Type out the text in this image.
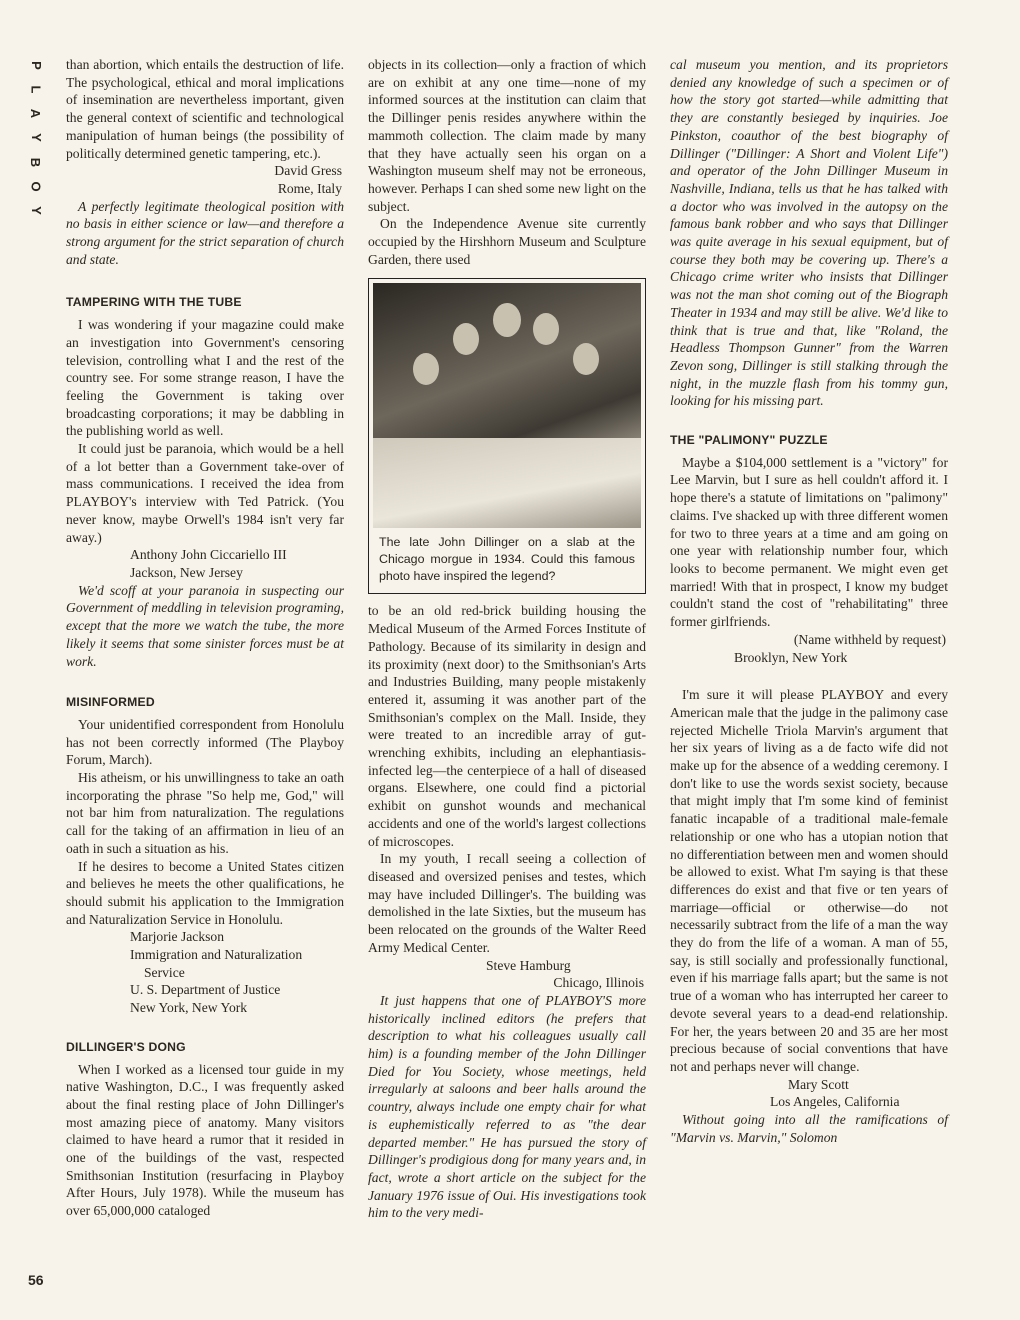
P
L
A
Y
B
O
Y
56

than abortion, which entails the destruction of life. The psychological, ethical and moral implications of insemination are nevertheless important, given the general context of scientific and technological manipulation of human beings (the possibility of politically determined genetic tampering, etc.).

David Gress

Rome, Italy

A perfectly legitimate theological position with no basis in either science or law—and therefore a strong argument for the strict separation of church and state.

TAMPERING WITH THE TUBE

I was wondering if your magazine could make an investigation into Government's censoring television, controlling what I and the rest of the country see. For some strange reason, I have the feeling the Government is taking over broadcasting corporations; it may be dabbling in the publishing world as well.

It could just be paranoia, which would be a hell of a lot better than a Government take-over of mass communications. I received the idea from PLAYBOY's interview with Ted Patrick. (You never know, maybe Orwell's 1984 isn't very far away.)

Anthony John Ciccariello III

Jackson, New Jersey

We'd scoff at your paranoia in suspecting our Government of meddling in television programing, except that the more we watch the tube, the more likely it seems that some sinister forces must be at work.

MISINFORMED

Your unidentified correspondent from Honolulu has not been correctly informed (The Playboy Forum, March).

His atheism, or his unwillingness to take an oath incorporating the phrase "So help me, God," will not bar him from naturalization. The regulations call for the taking of an affirmation in lieu of an oath in such a situation as his.

If he desires to become a United States citizen and believes he meets the other qualifications, he should submit his application to the Immigration and Naturalization Service in Honolulu.

Marjorie Jackson

Immigration and Naturalization

Service

U. S. Department of Justice

New York, New York

DILLINGER'S DONG

When I worked as a licensed tour guide in my native Washington, D.C., I was frequently asked about the final resting place of John Dillinger's most amazing piece of anatomy. Many visitors claimed to have heard a rumor that it resided in one of the buildings of the vast, respected Smithsonian Institution (resurfacing in Playboy After Hours, July 1978). While the museum has over 65,000,000 cataloged

objects in its collection—only a fraction of which are on exhibit at any one time—none of my informed sources at the institution can claim that the Dillinger penis resides anywhere within the mammoth collection. The claim made by many that they have actually seen his organ on a Washington museum shelf may not be erroneous, however. Perhaps I can shed some new light on the subject.

On the Independence Avenue site currently occupied by the Hirshhorn Museum and Sculpture Garden, there used

The late John Dillinger on a slab at the Chicago morgue in 1934. Could this famous photo have inspired the legend?

to be an old red-brick building housing the Medical Museum of the Armed Forces Institute of Pathology. Because of its similarity in design and its proximity (next door) to the Smithsonian's Arts and Industries Building, many people mistakenly entered it, assuming it was another part of the Smithsonian's complex on the Mall. Inside, they were treated to an incredible array of gut-wrenching exhibits, including an elephantiasis-infected leg—the centerpiece of a hall of diseased organs. Elsewhere, one could find a pictorial exhibit on gunshot wounds and mechanical accidents and one of the world's largest collections of microscopes.

In my youth, I recall seeing a collection of diseased and oversized penises and testes, which may have included Dillinger's. The building was demolished in the late Sixties, but the museum has been relocated on the grounds of the Walter Reed Army Medical Center.

Steve Hamburg

Chicago, Illinois

It just happens that one of PLAYBOY'S more historically inclined editors (he prefers that description to what his colleagues usually call him) is a founding member of the John Dillinger Died for You Society, whose meetings, held irregularly at saloons and beer halls around the country, always include one empty chair for what is euphemistically referred to as "the dear departed member." He has pursued the story of Dillinger's prodigious dong for many years and, in fact, wrote a short article on the subject for the January 1976 issue of Oui. His investigations took him to the very medi-

cal museum you mention, and its proprietors denied any knowledge of such a specimen or of how the story got started—while admitting that they are constantly besieged by inquiries. Joe Pinkston, coauthor of the best biography of Dillinger ("Dillinger: A Short and Violent Life") and operator of the John Dillinger Museum in Nashville, Indiana, tells us that he has talked with a doctor who was involved in the autopsy on the famous bank robber and who says that Dillinger was quite average in his sexual equipment, but of course they both may be covering up. There's a Chicago crime writer who insists that Dillinger was not the man shot coming out of the Biograph Theater in 1934 and may still be alive. We'd like to think that is true and that, like "Roland, the Headless Thompson Gunner" from the Warren Zevon song, Dillinger is still stalking through the night, in the muzzle flash from his tommy gun, looking for his missing part.

THE "PALIMONY" PUZZLE

Maybe a $104,000 settlement is a "victory" for Lee Marvin, but I sure as hell couldn't afford it. I hope there's a statute of limitations on "palimony" claims. I've shacked up with three different women for two to three years at a time and am going on one year with relationship number four, which looks to become permanent. We might even get married! With that in prospect, I know my budget couldn't stand the cost of "rehabilitating" three former girlfriends.

(Name withheld by request)

Brooklyn, New York

I'm sure it will please PLAYBOY and every American male that the judge in the palimony case rejected Michelle Triola Marvin's argument that her six years of living as a de facto wife did not make up for the absence of a wedding ceremony. I don't like to use the words sexist society, because that might imply that I'm some kind of feminist fanatic incapable of a traditional male-female relationship or one who has a utopian notion that no differentiation between men and women should be allowed to exist. What I'm saying is that these differences do exist and that five or ten years of marriage—official or otherwise—do not necessarily subtract from the life of a man the way they do from the life of a woman. A man of 55, say, is still socially and professionally functional, even if his marriage falls apart; but the same is not true of a woman who has interrupted her career to devote several years to a dead-end relationship. For her, the years between 20 and 35 are her most precious because of social conventions that have not and perhaps never will change.

Mary Scott

Los Angeles, California

Without going into all the ramifications of "Marvin vs. Marvin," Solomon
